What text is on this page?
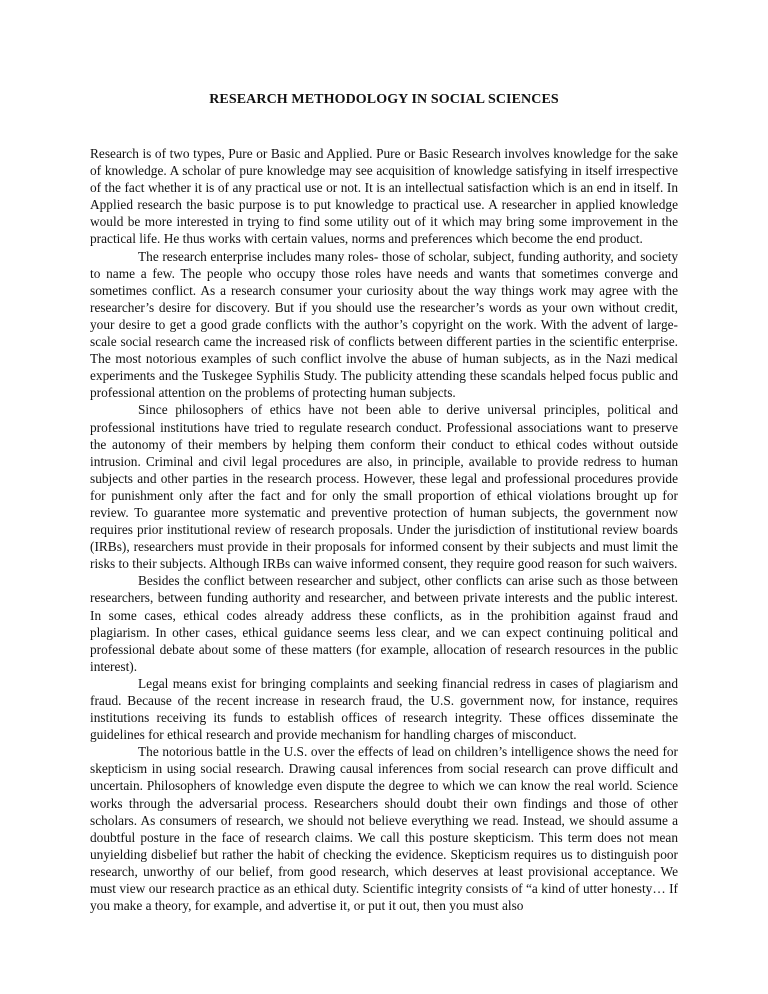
RESEARCH METHODOLOGY IN SOCIAL SCIENCES

Research is of two types, Pure or Basic and Applied. Pure or Basic Research involves knowledge for the sake of knowledge. A scholar of pure knowledge may see acquisition of knowledge satisfying in itself irrespective of the fact whether it is of any practical use or not. It is an intellectual satisfaction which is an end in itself. In Applied research the basic purpose is to put knowledge to practical use. A researcher in applied knowledge would be more interested in trying to find some utility out of it which may bring some improvement in the practical life. He thus works with certain values, norms and preferences which become the end product.

The research enterprise includes many roles- those of scholar, subject, funding authority, and society to name a few. The people who occupy those roles have needs and wants that sometimes converge and sometimes conflict. As a research consumer your curiosity about the way things work may agree with the researcher’s desire for discovery. But if you should use the researcher’s words as your own without credit, your desire to get a good grade conflicts with the author’s copyright on the work. With the advent of large-scale social research came the increased risk of conflicts between different parties in the scientific enterprise. The most notorious examples of such conflict involve the abuse of human subjects, as in the Nazi medical experiments and the Tuskegee Syphilis Study. The publicity attending these scandals helped focus public and professional attention on the problems of protecting human subjects.

Since philosophers of ethics have not been able to derive universal principles, political and professional institutions have tried to regulate research conduct. Professional associations want to preserve the autonomy of their members by helping them conform their conduct to ethical codes without outside intrusion. Criminal and civil legal procedures are also, in principle, available to provide redress to human subjects and other parties in the research process. However, these legal and professional procedures provide for punishment only after the fact and for only the small proportion of ethical violations brought up for review. To guarantee more systematic and preventive protection of human subjects, the government now requires prior institutional review of research proposals. Under the jurisdiction of institutional review boards (IRBs), researchers must provide in their proposals for informed consent by their subjects and must limit the risks to their subjects. Although IRBs can waive informed consent, they require good reason for such waivers.

Besides the conflict between researcher and subject, other conflicts can arise such as those between researchers, between funding authority and researcher, and between private interests and the public interest. In some cases, ethical codes already address these conflicts, as in the prohibition against fraud and plagiarism. In other cases, ethical guidance seems less clear, and we can expect continuing political and professional debate about some of these matters (for example, allocation of research resources in the public interest).

Legal means exist for bringing complaints and seeking financial redress in cases of plagiarism and fraud. Because of the recent increase in research fraud, the U.S. government now, for instance, requires institutions receiving its funds to establish offices of research integrity. These offices disseminate the guidelines for ethical research and provide mechanism for handling charges of misconduct.

The notorious battle in the U.S. over the effects of lead on children’s intelligence shows the need for skepticism in using social research. Drawing causal inferences from social research can prove difficult and uncertain. Philosophers of knowledge even dispute the degree to which we can know the real world. Science works through the adversarial process. Researchers should doubt their own findings and those of other scholars. As consumers of research, we should not believe everything we read. Instead, we should assume a doubtful posture in the face of research claims. We call this posture skepticism. This term does not mean unyielding disbelief but rather the habit of checking the evidence. Skepticism requires us to distinguish poor research, unworthy of our belief, from good research, which deserves at least provisional acceptance. We must view our research practice as an ethical duty. Scientific integrity consists of “a kind of utter honesty… If you make a theory, for example, and advertise it, or put it out, then you must also
